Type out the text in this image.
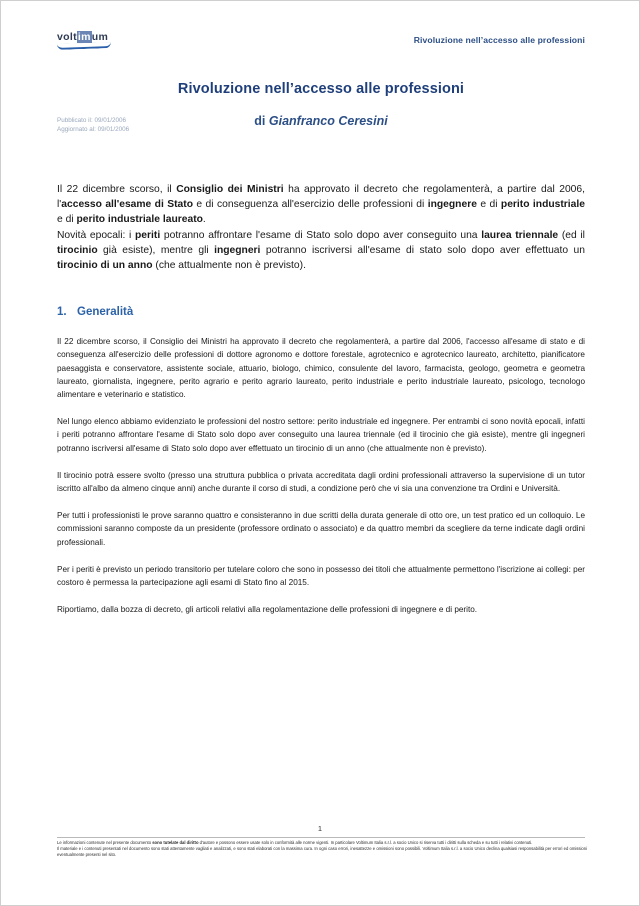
voltimum	Rivoluzione nell’accesso alle professioni
Rivoluzione nell’accesso alle professioni
Pubblicato il: 09/01/2006
Aggiornato al: 09/01/2006
di Gianfranco Ceresini
Il 22 dicembre scorso, il Consiglio dei Ministri ha approvato il decreto che regolamenterà, a partire dal 2006, l'accesso all'esame di Stato e di conseguenza all'esercizio delle professioni di ingegnere e di perito industriale e di perito industriale laureato.
Novità epocali: i periti potranno affrontare l'esame di Stato solo dopo aver conseguito una laurea triennale (ed il tirocinio già esiste), mentre gli ingegneri potranno iscriversi all'esame di stato solo dopo aver effettuato un tirocinio di un anno (che attualmente non è previsto).
1. Generalità
Il 22 dicembre scorso, il Consiglio dei Ministri ha approvato il decreto che regolamenterà, a partire dal 2006, l'accesso all'esame di stato e di conseguenza all'esercizio delle professioni di dottore agronomo e dottore forestale, agrotecnico e agrotecnico laureato, architetto, pianificatore paesaggista e conservatore, assistente sociale, attuario, biologo, chimico, consulente del lavoro, farmacista, geologo, geometra e geometra laureato, giornalista, ingegnere, perito agrario e perito agrario laureato, perito industriale e perito industriale laureato, psicologo, tecnologo alimentare e veterinario e statistico.
Nel lungo elenco abbiamo evidenziato le professioni del nostro settore: perito industriale ed ingegnere. Per entrambi ci sono novità epocali, infatti i periti potranno affrontare l'esame di Stato solo dopo aver conseguito una laurea triennale (ed il tirocinio che già esiste), mentre gli ingegneri potranno iscriversi all'esame di Stato solo dopo aver effettuato un tirocinio di un anno (che attualmente non è previsto).
Il tirocinio potrà essere svolto (presso una struttura pubblica o privata accreditata dagli ordini professionali attraverso la supervisione di un tutor iscritto all'albo da almeno cinque anni) anche durante il corso di studi, a condizione però che vi sia una convenzione tra Ordini e Università.
Per tutti i professionisti le prove saranno quattro e consisteranno in due scritti della durata generale di otto ore, un test pratico ed un colloquio. Le commissioni saranno composte da un presidente (professore ordinato o associato) e da quattro membri da scegliere da terne indicate dagli ordini professionali.
Per i periti è previsto un periodo transitorio per tutelare coloro che sono in possesso dei titoli che attualmente permettono l'iscrizione ai collegi: per costoro è permessa la partecipazione agli esami di Stato fino al 2015.
Riportiamo, dalla bozza di decreto, gli articoli relativi alla regolamentazione delle professioni di ingegnere e di perito.
1
Le informazioni contenute nel presente documento sono tutelate dal diritto d'autore e possono essere usate solo in conformità alle norme vigenti. In particolare Voltimum Italia s.r.l. a socio Unico si riserva tutti i diritti sulla scheda e su tutti i relativi contenuti.
Il materiale e i contenuti presentati nel documento sono stati attentamente vagliati e analizzati, e sono stati elaborati con la massima cura. In ogni caso errori, inesattezze e omissioni sono possibili. Voltimum Italia s.r.l. a socio Unico declina qualsiasi responsabilità per errori ed omissioni eventualmente presenti nel sito.
